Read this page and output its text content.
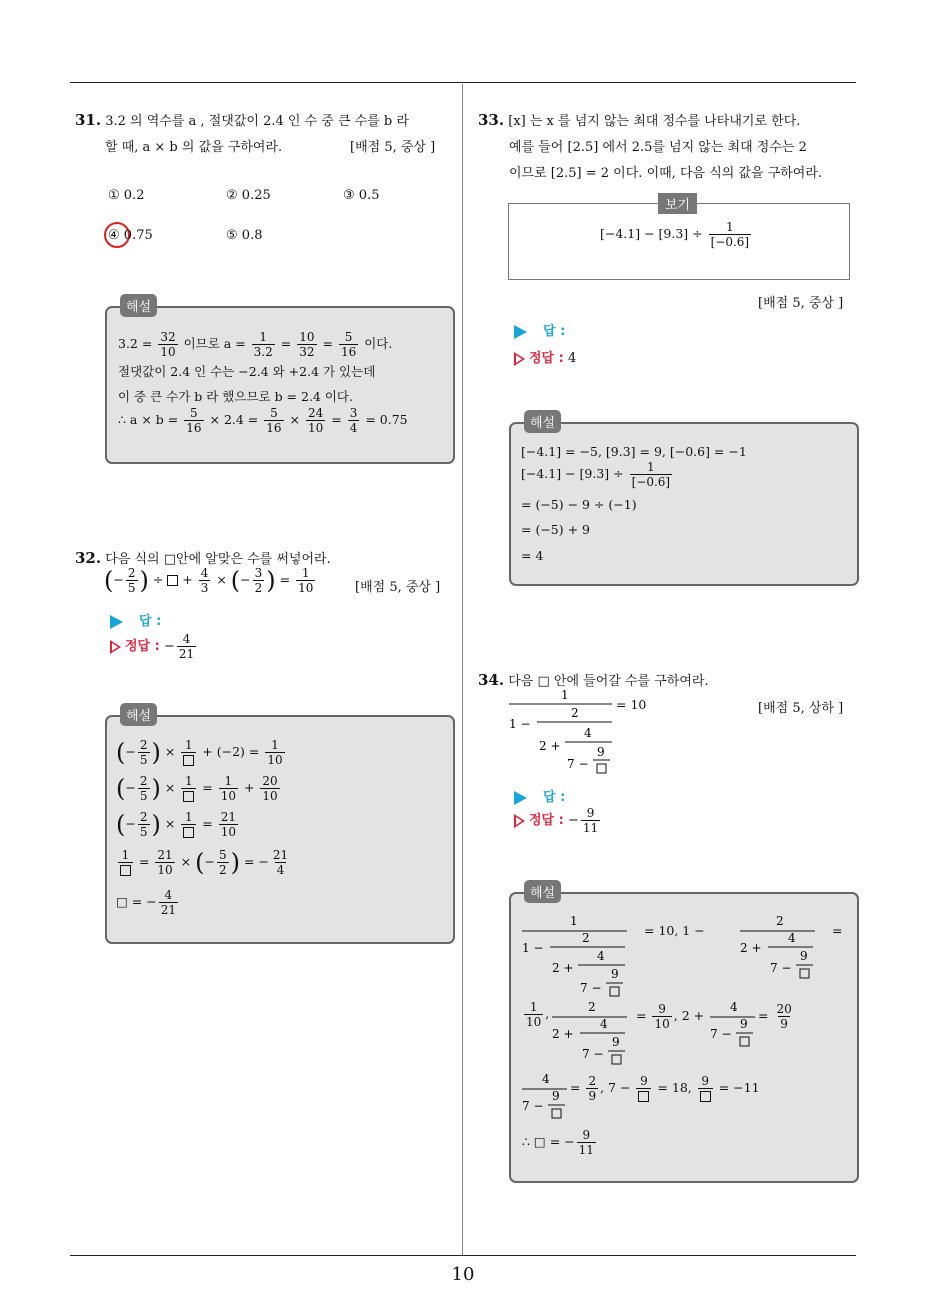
10
31. 3.2 의 역수를 a , 절댓값이 2.4 인 수 중 큰 수를 b 라
할 때, a × b 의 값을 구하여라.	[배점 5, 중상 ]
① 0.2	② 0.25	③ 0.5
④ 0.75	⑤ 0.8
해설
$3.2 = \frac{32}{10}$ 이므로 $a = \frac{1}{3.2} = \frac{10}{32} = \frac{5}{16}$ 이다.
절댓값이 2.4 인 수는 −2.4 와 +2.4 가 있는데
이 중 큰 수가 b 라 했으므로 b = 2.4 이다.
∴ $a \times b = \frac{5}{16} \times 2.4 = \frac{5}{16} \times \frac{24}{10} = \frac{3}{4} = 0.75$
32. 다음 식의 □안에 알맞은 수를 써넣어라.
(− $\frac{2}{5}$ ) ÷  + $\frac{4}{3}$ × (− $\frac{3}{2}$ ) = $\frac{1}{10}$	[배점 5, 중상 ]
답 :
정답 : − $\frac{4}{21}$
해설
(− $\frac{2}{5}$ ) × $1 + (-2) = \frac{1}{10}$
(− $\frac{2}{5}$ ) × $1 = \frac{1}{10} + \frac{20}{10}$
(− $\frac{2}{5}$ ) × $1 = \frac{21}{10}$
$1 = \frac{21}{10}$ × (− $\frac{5}{2}$ ) = − $\frac{21}{4}$
□ = − $\frac{4}{21}$
33. [x] 는 x 를 넘지 않는 최대 정수를 나타내기로 한다.
예를 들어 [2.5] 에서 2.5를 넘지 않는 최대 정수는 2
이므로 [2.5] = 2 이다. 이때, 다음 식의 값을 구하여라.
보기
$[-4.1] - [9.3] \div \frac{1}{[-0.6]}$
[배점 5, 중상 ]
답 :
정답 : 4
해설
[−4.1] = −5, [9.3] = 9, [−0.6] = −1
$[-4.1] - [9.3] \div \frac{1}{[-0.6]}$
= (−5) − 9 ÷ (−1)
= (−5) + 9
= 4
34. 다음 □ 안에 들어갈 수를 구하여라.
[배점 5, 상하 ]
1
1 −
2
2 +
4
7 −
9
= 10
답 :
정답 : − $\frac{9}{11}$
해설
1
1 −
2
2 +
4
7 −
9
= 10, 1 −
2
2 +
4
7 −
9
=
$\frac{1}{10}$ ,	2
2 +
4
7 −
9
= $\frac{9}{10}$ , 2 +
4
7 −
9
= $\frac{20}{9}$
4
7 −
9
= $\frac{2}{9}$ , 7 − 9 = 18, 9 = −11
∴ □ = − $\frac{9}{11}$
